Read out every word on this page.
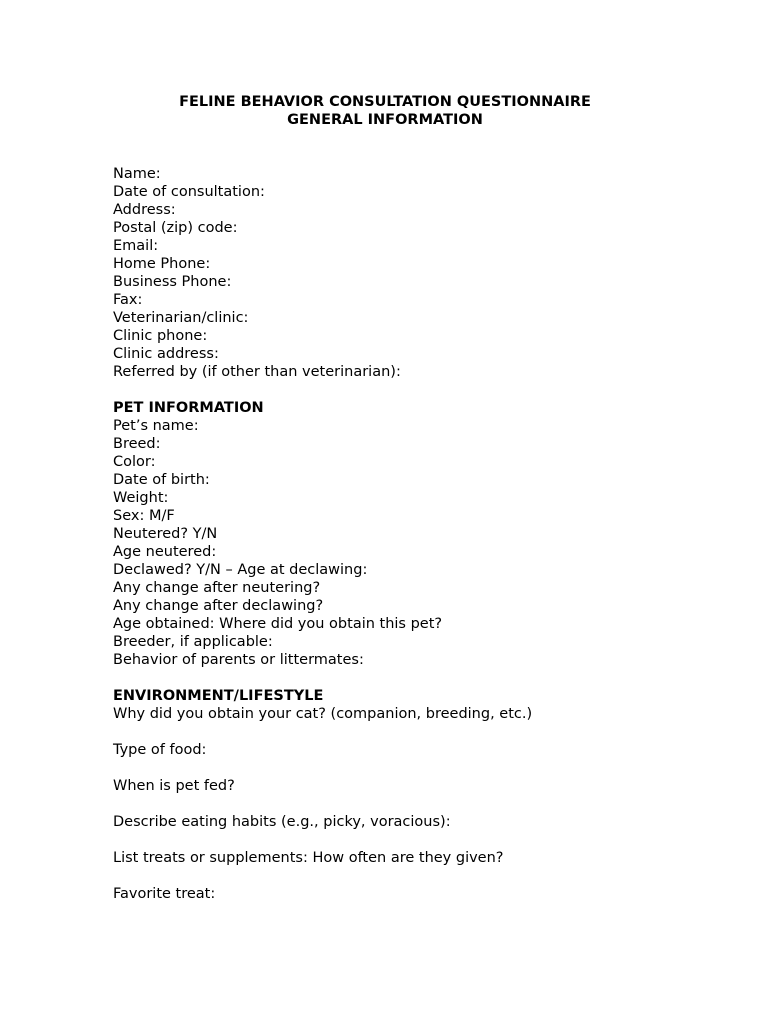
FELINE BEHAVIOR CONSULTATION QUESTIONNAIRE
GENERAL INFORMATION
Name:
Date of consultation:
Address:
Postal (zip) code:
Email:
Home Phone:
Business Phone:
Fax:
Veterinarian/clinic:
Clinic phone:
Clinic address:
Referred by (if other than veterinarian):
PET INFORMATION
Pet’s name:
Breed:
Color:
Date of birth:
Weight:
Sex: M/F
Neutered? Y/N
Age neutered:
Declawed? Y/N – Age at declawing:
Any change after neutering?
Any change after declawing?
Age obtained: Where did you obtain this pet?
Breeder, if applicable:
Behavior of parents or littermates:
ENVIRONMENT/LIFESTYLE
Why did you obtain your cat? (companion, breeding, etc.)
Type of food:
When is pet fed?
Describe eating habits (e.g., picky, voracious):
List treats or supplements: How often are they given?
Favorite treat:
